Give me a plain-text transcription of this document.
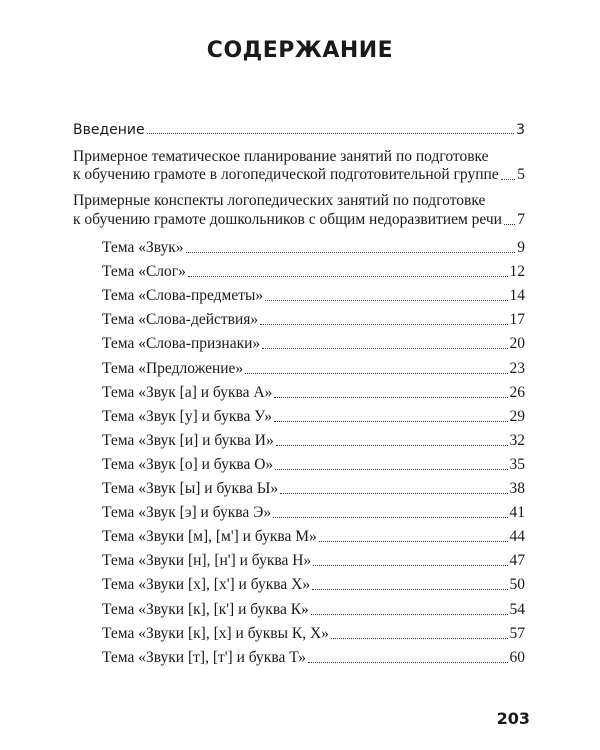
СОДЕРЖАНИЕ
Введение	3
Примерное тематическое планирование занятий по подготовке
к обучению грамоте в логопедической подготовительной группе 5
Примерные конспекты логопедических занятий по подготовке
к обучению грамоте дошкольников с общим недоразвитием речи 7
Тема «Звук»	9
Тема «Слог»	12
Тема «Слова-предметы»	14
Тема «Слова-действия»	17
Тема «Слова-признаки»	20
Тема «Предложение»	23
Тема «Звук [а] и буква А»	26
Тема «Звук [у] и буква У»	29
Тема «Звук [и] и буква И»	32
Тема «Звук [о] и буква О»	35
Тема «Звук [ы] и буква Ы»	38
Тема «Звук [э] и буква Э»	41
Тема «Звуки [м], [м'] и буква М»	44
Тема «Звуки [н], [н'] и буква Н»	47
Тема «Звуки [х], [х'] и буква Х»	50
Тема «Звуки [к], [к'] и буква К»	54
Тема «Звуки [к], [х] и буквы К, Х»	57
Тема «Звуки [т], [т'] и буква Т»	60
203
